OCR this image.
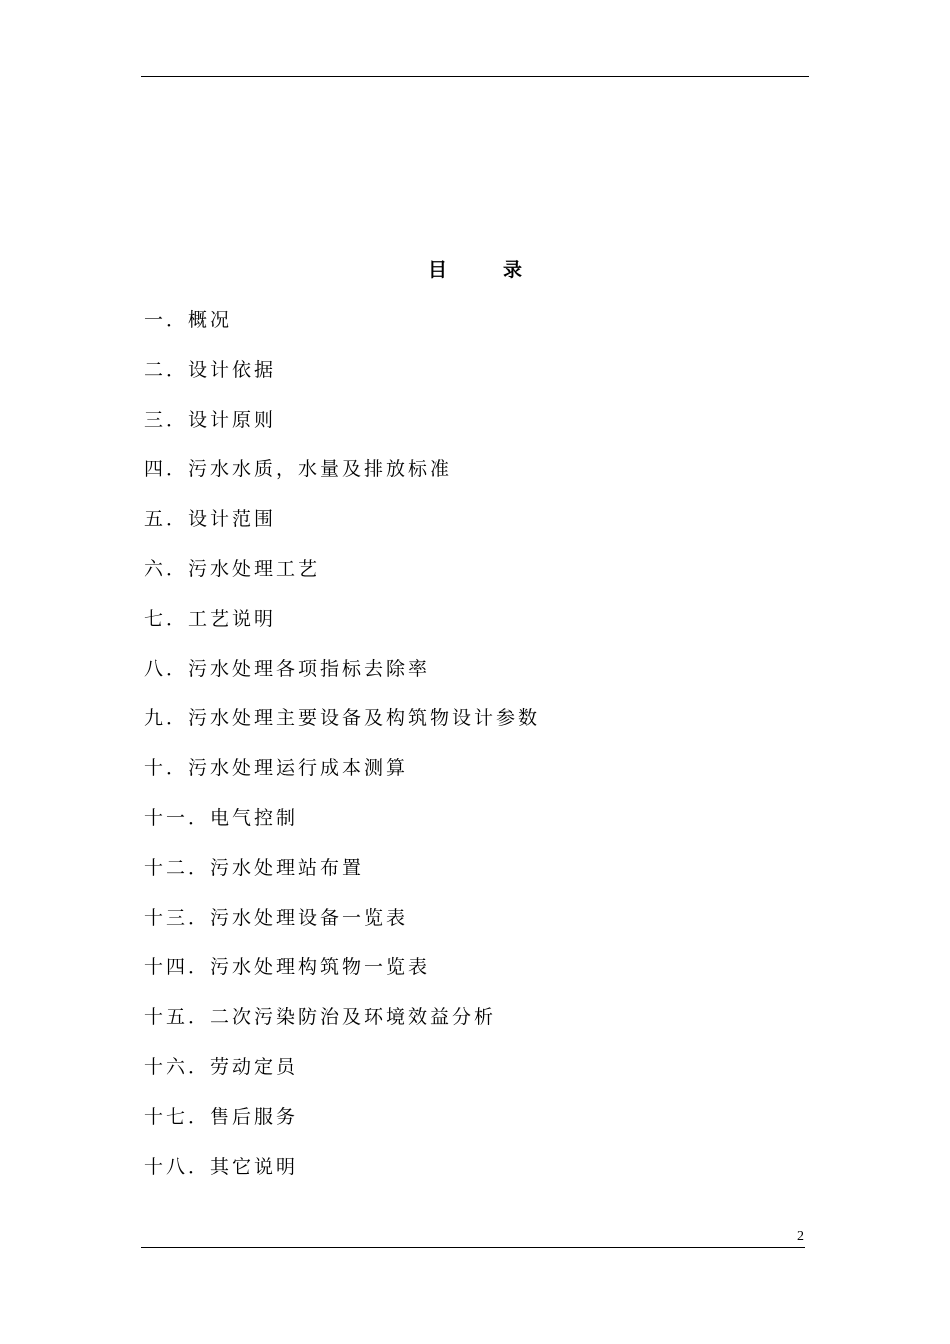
目录
一．概况
二．设计依据
三．设计原则
四．污水水质，水量及排放标准
五．设计范围
六．污水处理工艺
七．工艺说明
八．污水处理各项指标去除率
九．污水处理主要设备及构筑物设计参数
十．污水处理运行成本测算
十一．电气控制
十二．污水处理站布置
十三．污水处理设备一览表
十四．污水处理构筑物一览表
十五．二次污染防治及环境效益分析
十六．劳动定员
十七．售后服务
十八．其它说明
2
